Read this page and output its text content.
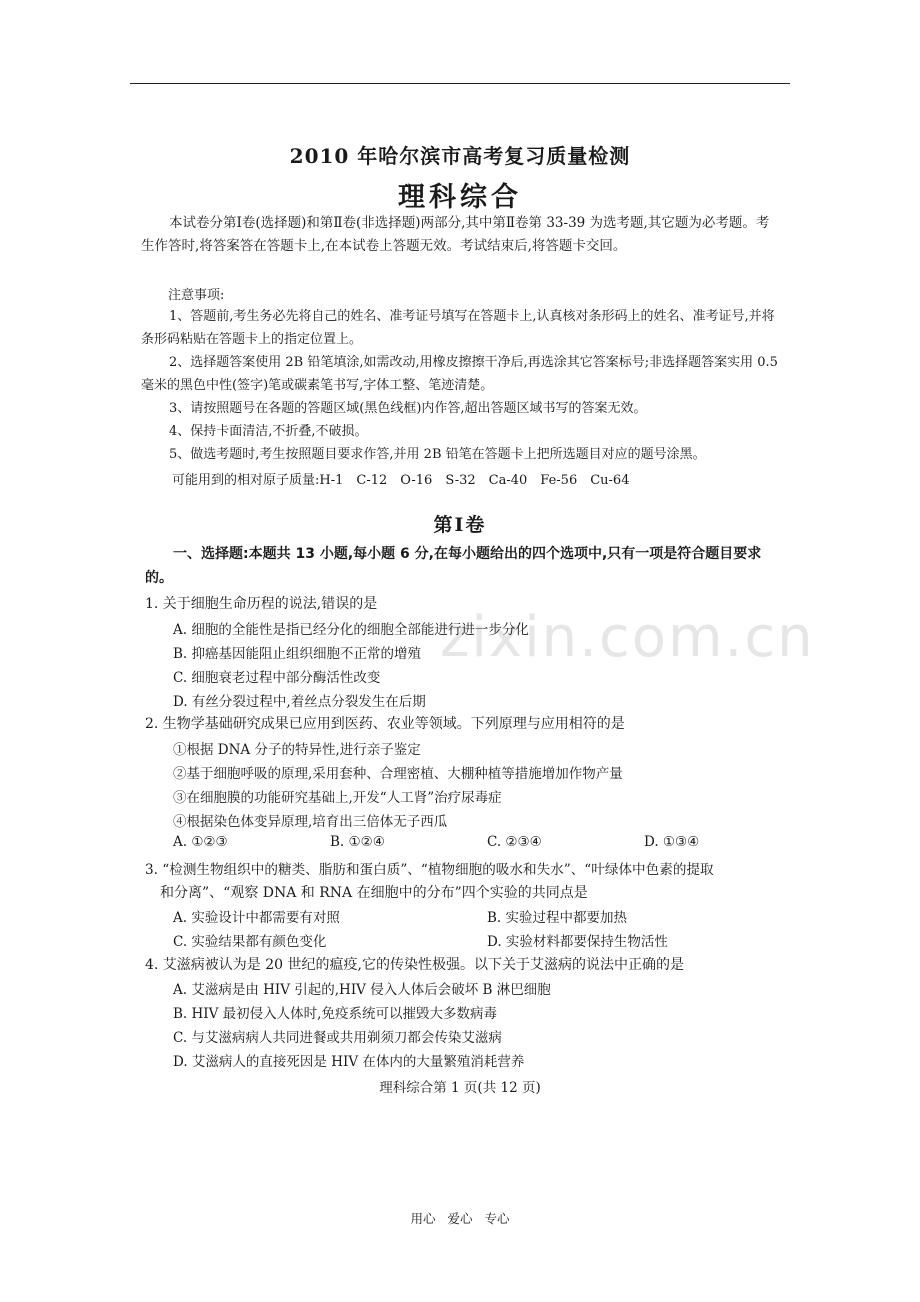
zixin.com.cn

2010 年哈尔滨市高考复习质量检测

理科综合

本试卷分第Ⅰ卷(选择题)和第Ⅱ卷(非选择题)两部分,其中第Ⅱ卷第 33-39 为选考题,其它题为必考题。考生作答时,将答案答在答题卡上,在本试卷上答题无效。考试结束后,将答题卡交回。

注意事项:

1、答题前,考生务必先将自己的姓名、准考证号填写在答题卡上,认真核对条形码上的姓名、准考证号,并将条形码粘贴在答题卡上的指定位置上。

2、选择题答案使用 2B 铅笔填涂,如需改动,用橡皮擦擦干净后,再选涂其它答案标号;非选择题答案实用 0.5 毫米的黑色中性(签字)笔或碳素笔书写,字体工整、笔迹清楚。

3、请按照题号在各题的答题区域(黑色线框)内作答,超出答题区域书写的答案无效。

4、保持卡面清洁,不折叠,不破损。

5、做选考题时,考生按照题目要求作答,并用 2B 铅笔在答题卡上把所选题目对应的题号涂黑。

可能用到的相对原子质量:H-1　C-12　O-16　S-32　Ca-40　Fe-56　Cu-64

第Ⅰ卷

一、选择题:本题共 13 小题,每小题 6 分,在每小题给出的四个选项中,只有一项是符合题目要求的。

1. 关于细胞生命历程的说法,错误的是

A. 细胞的全能性是指已经分化的细胞全部能进行进一步分化

B. 抑癌基因能阻止组织细胞不正常的增殖

C. 细胞衰老过程中部分酶活性改变

D. 有丝分裂过程中,着丝点分裂发生在后期

2. 生物学基础研究成果已应用到医药、农业等领域。下列原理与应用相符的是

①根据 DNA 分子的特异性,进行亲子鉴定

②基于细胞呼吸的原理,采用套种、合理密植、大棚种植等措施增加作物产量

③在细胞膜的功能研究基础上,开发“人工肾”治疗尿毒症

④根据染色体变异原理,培育出三倍体无子西瓜

A. ①②③	B. ①②④	C. ②③④	D. ①③④

3. “检测生物组织中的糖类、脂肪和蛋白质”、“植物细胞的吸水和失水”、“叶绿体中色素的提取

和分离”、“观察 DNA 和 RNA 在细胞中的分布”四个实验的共同点是

A. 实验设计中都需要有对照	B. 实验过程中都要加热

C. 实验结果都有颜色变化	D. 实验材料都要保持生物活性

4. 艾滋病被认为是 20 世纪的瘟疫,它的传染性极强。以下关于艾滋病的说法中正确的是

A. 艾滋病是由 HIV 引起的,HIV 侵入人体后会破坏 B 淋巴细胞

B. HIV 最初侵入人体时,免疫系统可以摧毁大多数病毒

C. 与艾滋病病人共同进餐或共用剃须刀都会传染艾滋病

D. 艾滋病人的直接死因是 HIV 在体内的大量繁殖消耗营养

理科综合第 1 页(共 12 页)

用心 爱心 专心
